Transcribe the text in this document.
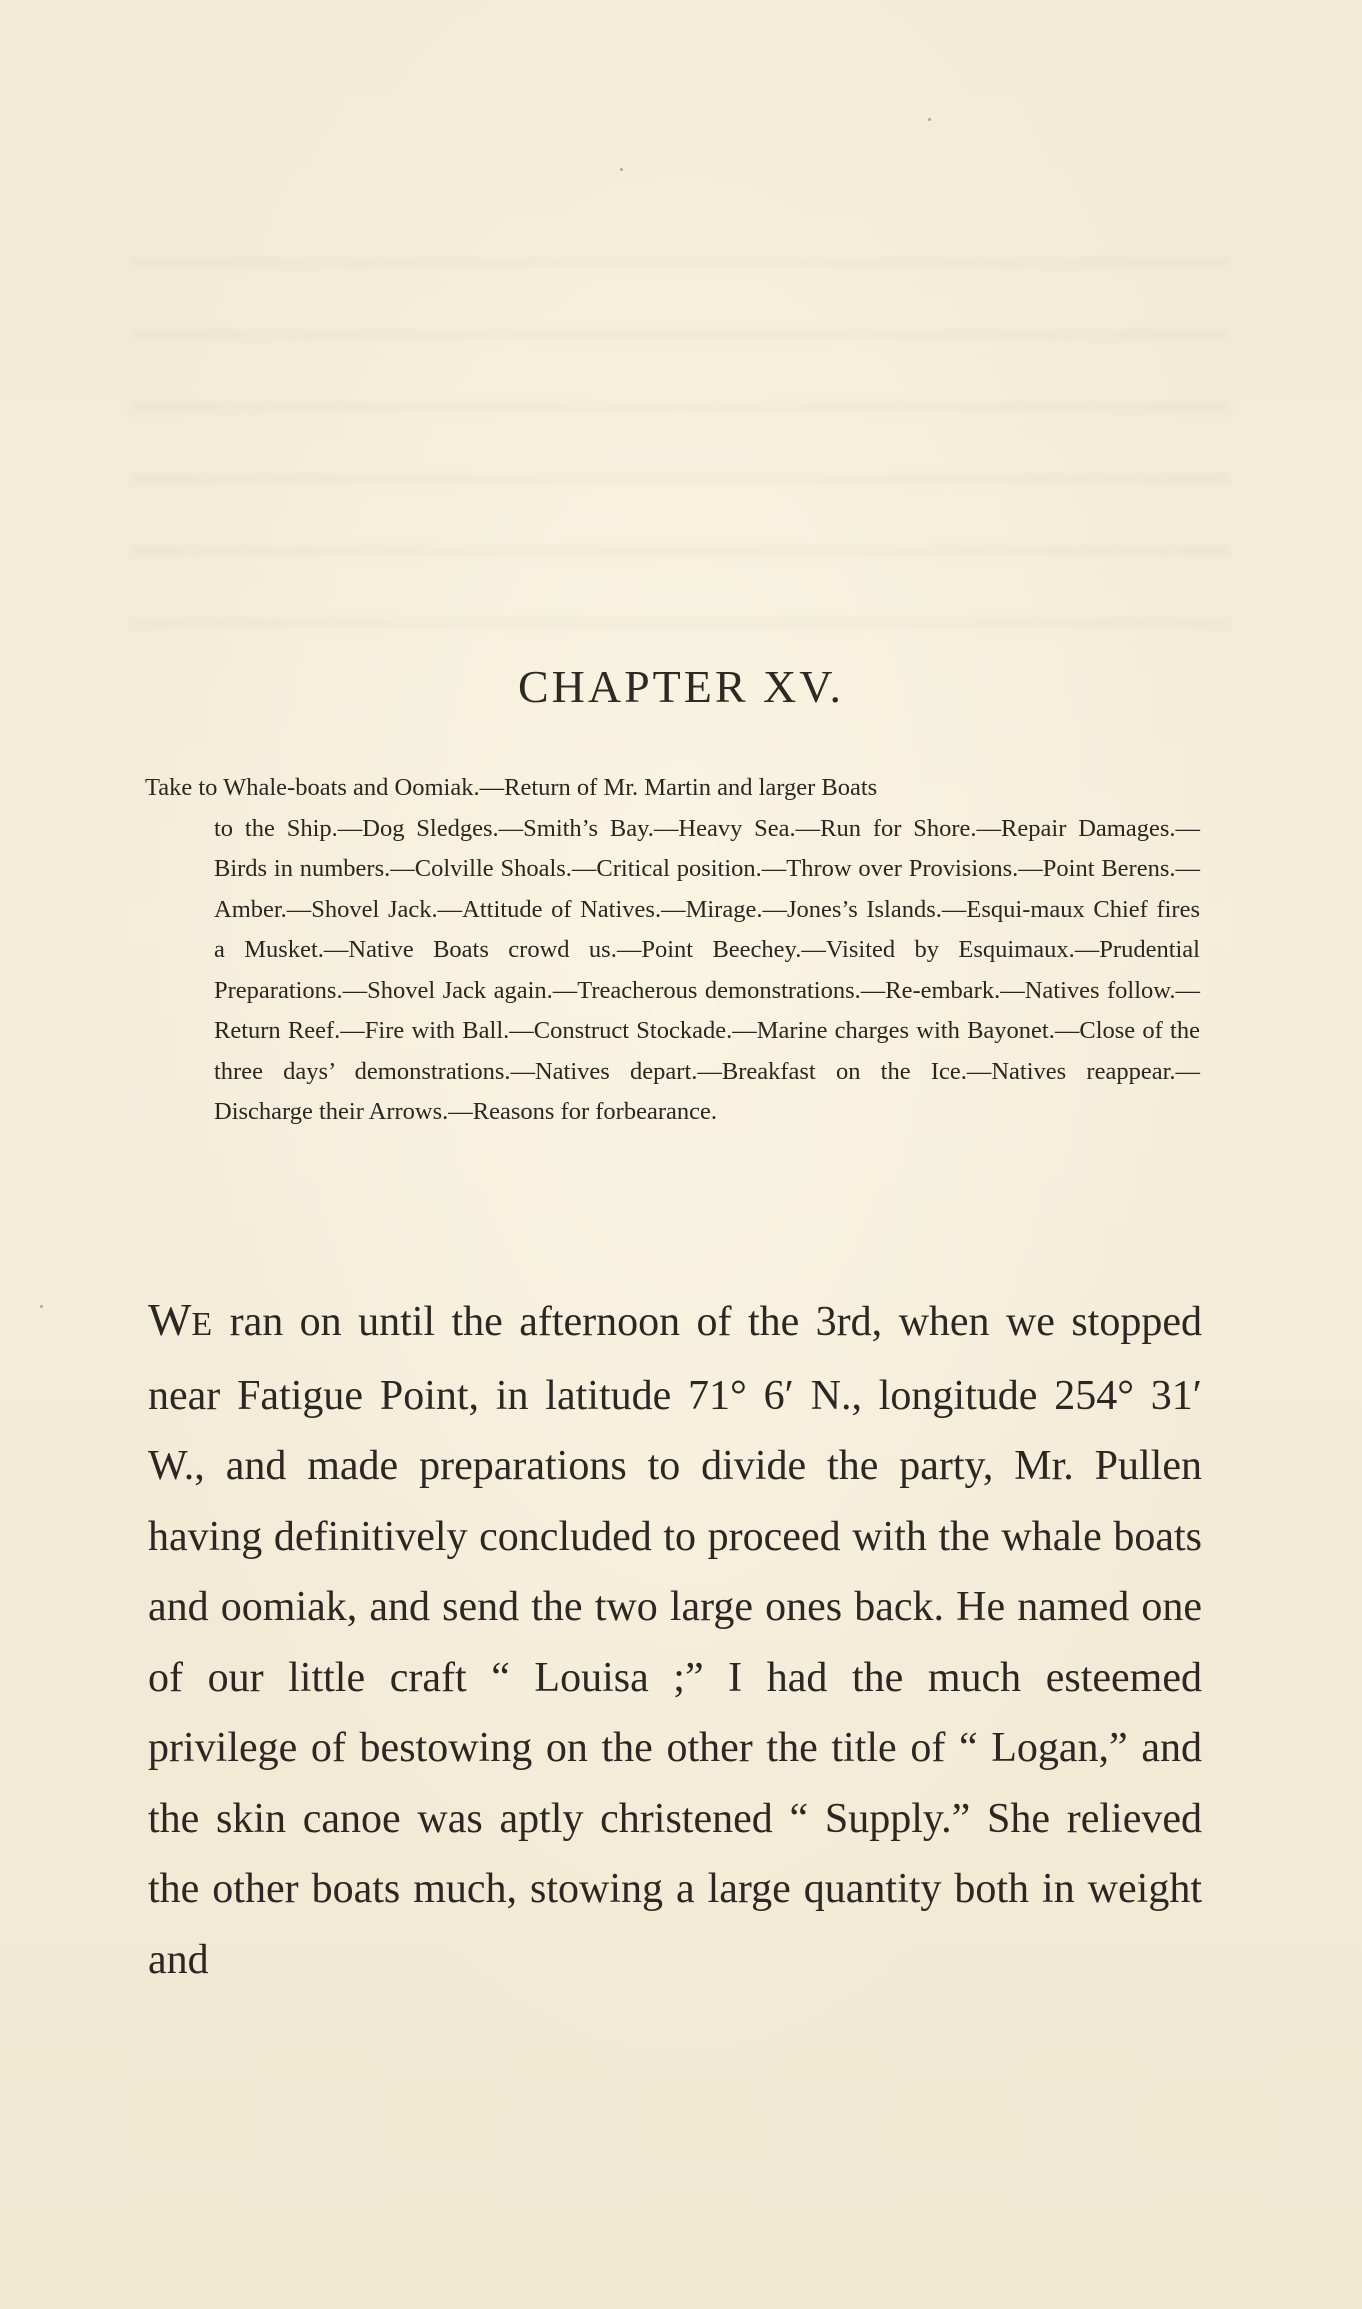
CHAPTER XV.

Take to Whale-boats and Oomiak.—Return of Mr. Martin and larger Boats
to the Ship.—Dog Sledges.—Smith’s Bay.—Heavy Sea.—Run for Shore.—Repair Damages.—Birds in numbers.—Colville Shoals.—Critical position.—Throw over Provisions.—Point Berens.—Amber.—Shovel Jack.—Attitude of Natives.—Mirage.—Jones’s Islands.—Esqui-maux Chief fires a Musket.—Native Boats crowd us.—Point Beechey.—Visited by Esquimaux.—Prudential Preparations.—Shovel Jack again.—Treacherous demonstrations.—Re-embark.—Natives follow.—Return Reef.—Fire with Ball.—Construct Stockade.—Marine charges with Bayonet.—Close of the three days’ demonstrations.—Natives depart.—Breakfast on the Ice.—Natives reappear.—Discharge their Arrows.—Reasons for forbearance.

WE ran on until the afternoon of the 3rd, when we stopped near Fatigue Point, in latitude 71° 6′ N., longitude 254° 31′ W., and made preparations to divide the party, Mr. Pullen having definitively concluded to proceed with the whale boats and oomiak, and send the two large ones back. He named one of our little craft “ Louisa ;” I had the much esteemed privilege of bestowing on the other the title of “ Logan,” and the skin canoe was aptly christened “ Supply.” She relieved the other boats much, stowing a large quantity both in weight and
